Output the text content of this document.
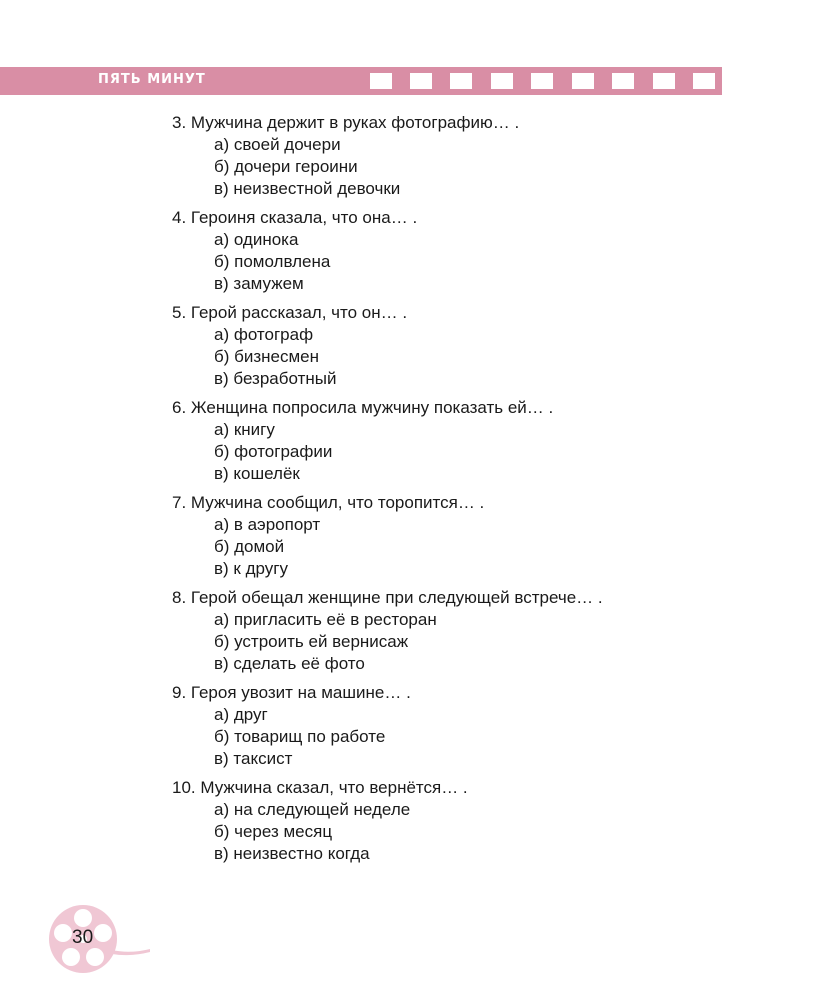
ПЯТЬ МИНУТ
3. Мужчина держит в руках фотографию… .
а) своей дочери
б) дочери героини
в) неизвестной девочки
4. Героиня сказала, что она… .
а) одинока
б) помолвлена
в) замужем
5. Герой рассказал, что он… .
а) фотограф
б) бизнесмен
в) безработный
6. Женщина попросила мужчину показать ей… .
а) книгу
б) фотографии
в) кошелёк
7. Мужчина сообщил, что торопится… .
а) в аэропорт
б) домой
в) к другу
8. Герой обещал женщине при следующей встрече… .
а) пригласить её в ресторан
б) устроить ей вернисаж
в) сделать её фото
9. Героя увозит на машине… .
а) друг
б) товарищ по работе
в) таксист
10. Мужчина сказал, что вернётся… .
а) на следующей неделе
б) через месяц
в) неизвестно когда
30
